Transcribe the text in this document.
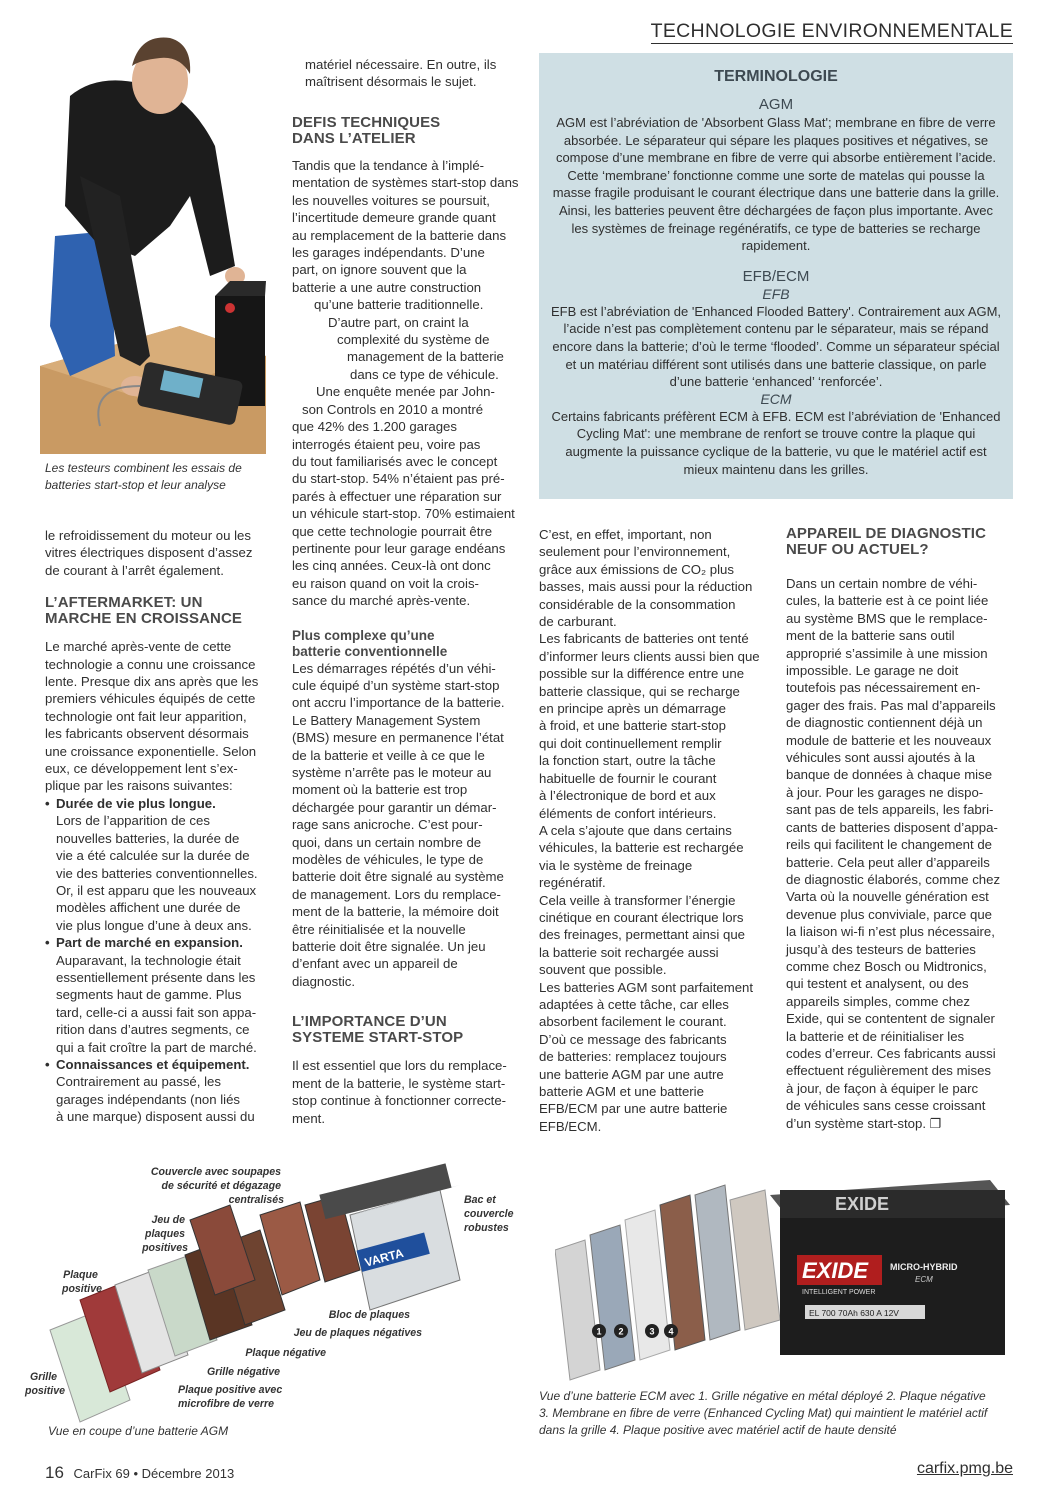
TECHNOLOGIE ENVIRONNEMENTALE
Les testeurs combinent les essais de batteries start-stop et leur analyse

le refroidissement du moteur ou les

vitres électriques disposent d’assez

de courant à l’arrêt également.

L’AFTERMARKET: UN
MARCHE EN CROISSANCE

Le marché après-vente de cette

technologie a connu une croissance

lente. Presque dix ans après que les

premiers véhicules équipés de cette

technologie ont fait leur apparition,

les fabricants observent désormais

une croissance exponentielle. Selon

eux, ce développement lent s’ex-

plique par les raisons suivantes:

• Durée de vie plus longue.

Lors de l’apparition de ces

nouvelles batteries, la durée de

vie a été calculée sur la durée de

vie des batteries conventionnelles.

Or, il est apparu que les nouveaux

modèles affichent une durée de

vie plus longue d’une à deux ans.

• Part de marché en expansion.

Auparavant, la technologie était

essentiellement présente dans les

segments haut de gamme. Plus

tard, celle-ci a aussi fait son appa-

rition dans d’autres segments, ce

qui a fait croître la part de marché.

• Connaissances et équipement.

Contrairement au passé, les

garages indépendants (non liés

à une marque) disposent aussi du

matériel nécessaire. En outre, ils

maîtrisent désormais le sujet.

DEFIS TECHNIQUES
DANS L’ATELIER

Tandis que la tendance à l’implé-

mentation de systèmes start-stop dans

les nouvelles voitures se poursuit,

l’incertitude demeure grande quant

au remplacement de la batterie dans

les garages indépendants. D’une

part, on ignore souvent que la

batterie a une autre construction

qu’une batterie traditionnelle.

D’autre part, on craint la

complexité du système de

management de la batterie

dans ce type de véhicule.

Une enquête menée par John-

son Controls en 2010 a montré

que 42% des 1.200 garages

interrogés étaient peu, voire pas

du tout familiarisés avec le concept

du start-stop. 54% n’étaient pas pré-

parés à effectuer une réparation sur

un véhicule start-stop. 70% estimaient

que cette technologie pourrait être

pertinente pour leur garage endéans

les cinq années. Ceux-là ont donc

eu raison quand on voit la crois-

sance du marché après-vente.

Plus complexe qu’une
batterie conventionnelle

Les démarrages répétés d’un véhi-

cule équipé d’un système start-stop

ont accru l’importance de la batterie.

Le Battery Management System

(BMS) mesure en permanence l’état

de la batterie et veille à ce que le

système n’arrête pas le moteur au

moment où la batterie est trop

déchargée pour garantir un démar-

rage sans anicroche. C’est pour-

quoi, dans un certain nombre de

modèles de véhicules, le type de

batterie doit être signalé au système

de management. Lors du remplace-

ment de la batterie, la mémoire doit

être réinitialisée et la nouvelle

batterie doit être signalée. Un jeu

d’enfant avec un appareil de

diagnostic.

L’IMPORTANCE D’UN
SYSTEME START-STOP

Il est essentiel que lors du remplace-

ment de la batterie, le système start-

stop continue à fonctionner correcte-

ment.

TERMINOLOGIE
AGM
AGM est l’abréviation de 'Absorbent Glass Mat'; membrane en fibre de verre absorbée. Le séparateur qui sépare les plaques positives et négatives, se compose d’une membrane en fibre de verre qui absorbe entièrement l’acide. Cette ‘membrane’ fonctionne comme une sorte de matelas qui pousse la masse fragile produisant le courant électrique dans une batterie dans la grille. Ainsi, les batteries peuvent être déchargées de façon plus importante. Avec les systèmes de freinage regénératifs, ce type de batteries se recharge rapidement.
EFB/ECM
EFB
EFB est l’abréviation de 'Enhanced Flooded Battery'. Contrairement aux AGM, l’acide n’est pas complètement contenu par le séparateur, mais se répand encore dans la batterie; d’où le terme ‘flooded’. Comme un séparateur spécial et un matériau différent sont utilisés dans une batterie classique, on parle d’une batterie ‘enhanced’ ‘renforcée’.
ECM
Certains fabricants préfèrent ECM à EFB. ECM est l’abréviation de 'Enhanced Cycling Mat': une membrane de renfort se trouve contre la plaque qui augmente la puissance cyclique de la batterie, vu que le matériel actif est mieux maintenu dans les grilles.

C’est, en effet, important, non

seulement pour l’environnement,

grâce aux émissions de CO₂ plus

basses, mais aussi pour la réduction

considérable de la consommation

de carburant.

Les fabricants de batteries ont tenté

d’informer leurs clients aussi bien que

possible sur la différence entre une

batterie classique, qui se recharge

en principe après un démarrage

à froid, et une batterie start-stop

qui doit continuellement remplir

la fonction start, outre la tâche

habituelle de fournir le courant

à l’électronique de bord et aux

éléments de confort intérieurs.

A cela s’ajoute que dans certains

véhicules, la batterie est rechargée

via le système de freinage

regénératif.

Cela veille à transformer l’énergie

cinétique en courant électrique lors

des freinages, permettant ainsi que

la batterie soit rechargée aussi

souvent que possible.

Les batteries AGM sont parfaitement

adaptées à cette tâche, car elles

absorbent facilement le courant.

D’où ce message des fabricants

de batteries: remplacez toujours

une batterie AGM par une autre

batterie AGM et une batterie

EFB/ECM par une autre batterie

EFB/ECM.

APPAREIL DE DIAGNOSTIC
NEUF OU ACTUEL?

Dans un certain nombre de véhi-

cules, la batterie est à ce point liée

au système BMS que le remplace-

ment de la batterie sans outil

approprié s’assimile à une mission

impossible. Le garage ne doit

toutefois pas nécessairement en-

gager des frais. Pas mal d’appareils

de diagnostic contiennent déjà un

module de batterie et les nouveaux

véhicules sont aussi ajoutés à la

banque de données à chaque mise

à jour. Pour les garages ne dispo-

sant pas de tels appareils, les fabri-

cants de batteries disposent d’appa-

reils qui facilitent le changement de

batterie. Cela peut aller d’appareils

de diagnostic élaborés, comme chez

Varta où la nouvelle génération est

devenue plus conviviale, parce que

la liaison wi-fi n’est plus nécessaire,

jusqu’à des testeurs de batteries

comme chez Bosch ou Midtronics,

qui testent et analysent, ou des

appareils simples, comme chez

Exide, qui se contentent de signaler

la batterie et de réinitialiser les

codes d’erreur. Ces fabricants aussi

effectuent régulièrement des mises

à jour, de façon à équiper le parc

de véhicules sans cesse croissant

d’un système start-stop. ❐

VARTA
Couvercle avec soupapes de sécurité et dégazage centralisés
Jeu de plaques positives
Bac et couvercle robustes
Plaque positive
Bloc de plaques
Jeu de plaques négatives
Plaque négative
Grille négative
Plaque positive avec microfibre de verre
Grille positive
Vue en coupe d’une batterie AGM
EXIDE
EXIDE
INTELLIGENT POWER
MICRO-HYBRID
ECM
EL 700 70Ah 630 A 12V
1 2	3 4
Vue d’une batterie ECM avec 1. Grille négative en métal déployé 2. Plaque négative
3. Membrane en fibre de verre (Enhanced Cycling Mat) qui maintient le matériel actif
dans la grille 4. Plaque positive avec matériel actif de haute densité
16 CarFix 69 • Décembre 2013	carfix.pmg.be
